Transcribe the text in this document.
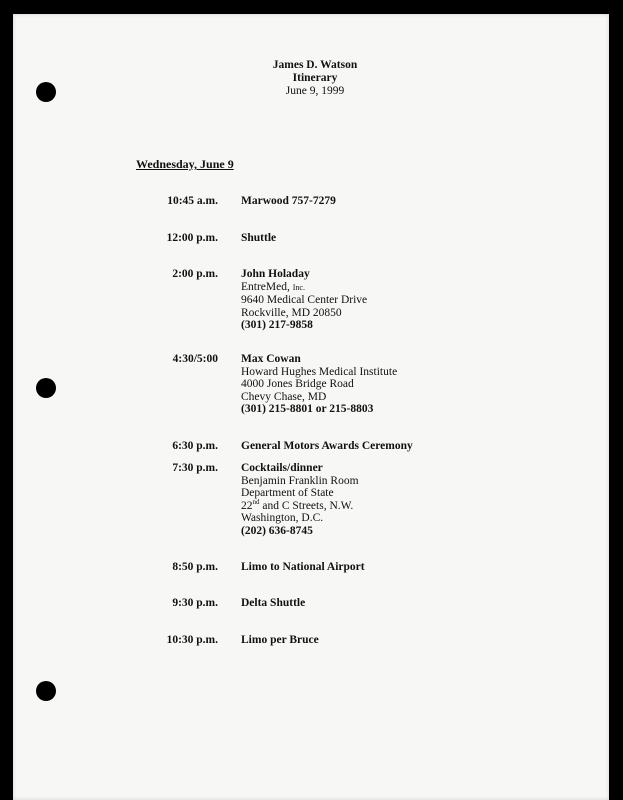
James D. Watson
Itinerary
June 9, 1999
Wednesday, June 9
10:45 a.m. Marwood 757-7279
12:00 p.m. Shuttle
2:00 p.m. John Holaday
EntreMed, Inc.
9640 Medical Center Drive
Rockville, MD 20850
(301) 217-9858
4:30/5:00 Max Cowan
Howard Hughes Medical Institute
4000 Jones Bridge Road
Chevy Chase, MD
(301) 215-8801 or 215-8803
6:30 p.m. General Motors Awards Ceremony
7:30 p.m. Cocktails/dinner
Benjamin Franklin Room
Department of State
22nd and C Streets, N.W.
Washington, D.C.
(202) 636-8745
8:50 p.m. Limo to National Airport
9:30 p.m. Delta Shuttle
10:30 p.m. Limo per Bruce
